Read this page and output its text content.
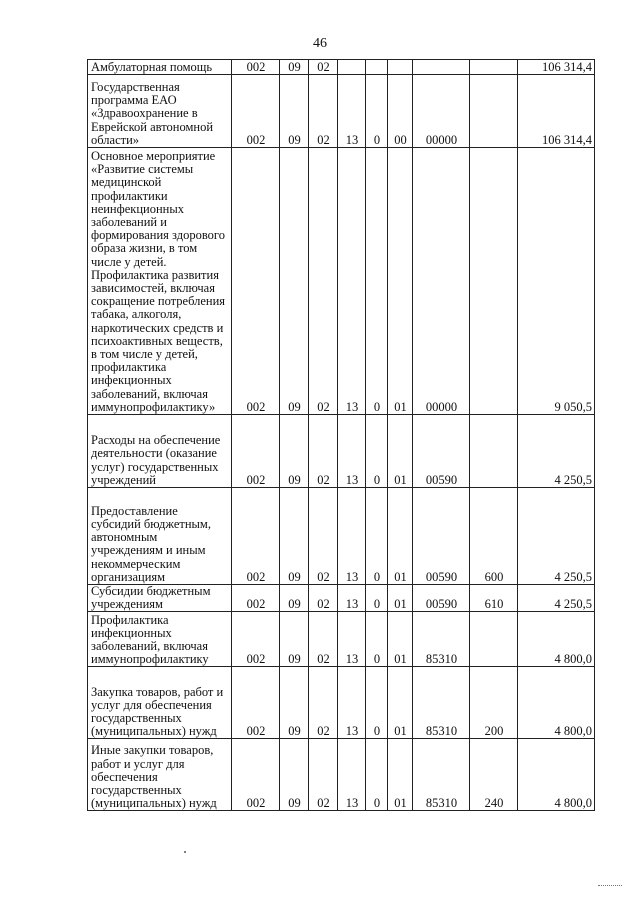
46
Амбулаторная помощь	002	09	02						106 314,4
Государственная программа ЕАО «Здравоохранение в Еврейской автономной области»	002	09	02	13	0	00	00000		106 314,4
Основное мероприятие «Развитие системы медицинской профилактики неинфекционных заболеваний и формирования здорового образа жизни, в том числе у детей. Профилактика развития зависимостей, включая сокращение потребления табака, алкоголя, наркотических средств и психоактивных веществ, в том числе у детей, профилактика инфекционных заболеваний, включая иммунопрофилактику»	002	09	02	13	0	01	00000		9 050,5
Расходы на обеспечение деятельности (оказание услуг) государственных учреждений	002	09	02	13	0	01	00590		4 250,5
Предоставление субсидий бюджетным, автономным учреждениям и иным некоммерческим организациям	002	09	02	13	0	01	00590	600	4 250,5
Субсидии бюджетным учреждениям	002	09	02	13	0	01	00590	610	4 250,5
Профилактика инфекционных заболеваний, включая иммунопрофилактику	002	09	02	13	0	01	85310		4 800,0
Закупка товаров, работ и услуг для обеспечения государственных (муниципальных) нужд	002	09	02	13	0	01	85310	200	4 800,0
Иные закупки товаров, работ и услуг для обеспечения государственных (муниципальных) нужд	002	09	02	13	0	01	85310	240	4 800,0
